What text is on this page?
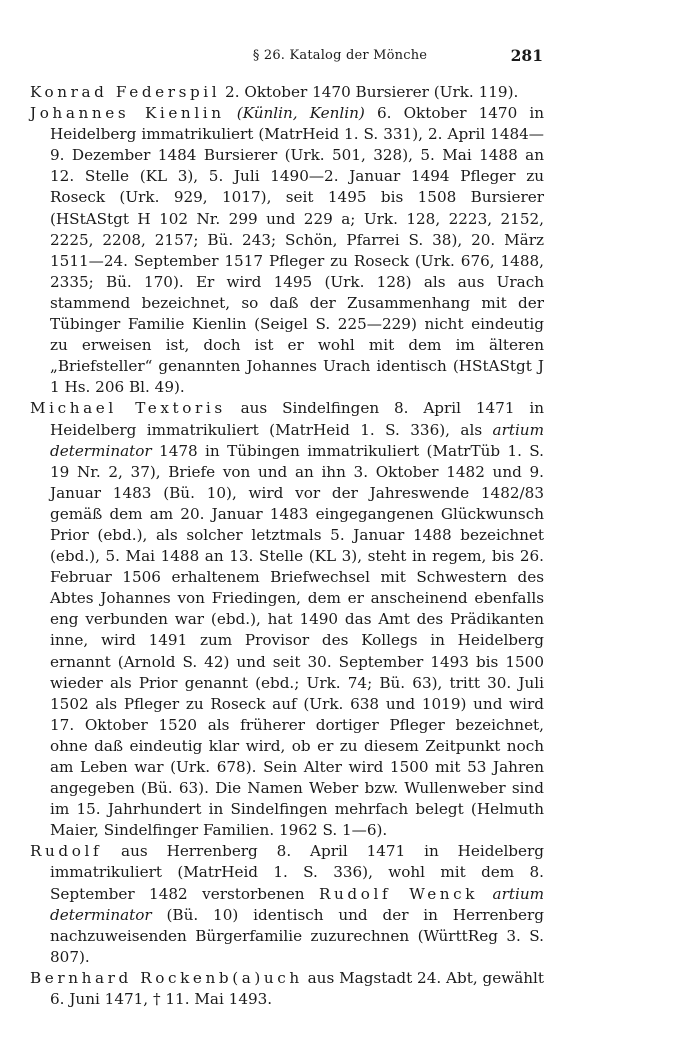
§ 26. Katalog der Mönche	281

Konrad Federspil 2. Oktober 1470 Bursierer (Urk. 119).

Johannes Kienlin (Künlin, Kenlin) 6. Oktober 1470 in Heidelberg immatrikuliert (MatrHeid 1. S. 331), 2. April 1484—9. Dezember 1484 Bursierer (Urk. 501, 328), 5. Mai 1488 an 12. Stelle (KL 3), 5. Juli 1490—2. Januar 1494 Pfleger zu Roseck (Urk. 929, 1017), seit 1495 bis 1508 Bursierer (HStAStgt H 102 Nr. 299 und 229 a; Urk. 128, 2223, 2152, 2225, 2208, 2157; Bü. 243; Schön, Pfarrei S. 38), 20. März 1511—24. September 1517 Pfleger zu Roseck (Urk. 676, 1488, 2335; Bü. 170). Er wird 1495 (Urk. 128) als aus Urach stammend bezeichnet, so daß der Zusammenhang mit der Tübinger Familie Kienlin (Seigel S. 225—229) nicht eindeutig zu erweisen ist, doch ist er wohl mit dem im älteren „Briefsteller“ genannten Johannes Urach identisch (HStAStgt J 1 Hs. 206 Bl. 49).

Michael Textoris aus Sindelfingen 8. April 1471 in Heidelberg immatrikuliert (MatrHeid 1. S. 336), als artium determinator 1478 in Tübingen immatrikuliert (MatrTüb 1. S. 19 Nr. 2, 37), Briefe von und an ihn 3. Oktober 1482 und 9. Januar 1483 (Bü. 10), wird vor der Jahreswende 1482/83 gemäß dem am 20. Januar 1483 eingegangenen Glückwunsch Prior (ebd.), als solcher letztmals 5. Januar 1488 bezeichnet (ebd.), 5. Mai 1488 an 13. Stelle (KL 3), steht in regem, bis 26. Februar 1506 erhaltenem Briefwechsel mit Schwestern des Abtes Johannes von Friedingen, dem er anscheinend ebenfalls eng verbunden war (ebd.), hat 1490 das Amt des Prädikanten inne, wird 1491 zum Provisor des Kollegs in Heidelberg ernannt (Arnold S. 42) und seit 30. September 1493 bis 1500 wieder als Prior genannt (ebd.; Urk. 74; Bü. 63), tritt 30. Juli 1502 als Pfleger zu Roseck auf (Urk. 638 und 1019) und wird 17. Oktober 1520 als früherer dortiger Pfleger bezeichnet, ohne daß eindeutig klar wird, ob er zu diesem Zeitpunkt noch am Leben war (Urk. 678). Sein Alter wird 1500 mit 53 Jahren angegeben (Bü. 63). Die Namen Weber bzw. Wullenweber sind im 15. Jahrhundert in Sindelfingen mehrfach belegt (Helmuth Maier, Sindelfinger Familien. 1962 S. 1—6).

Rudolf aus Herrenberg 8. April 1471 in Heidelberg immatrikuliert (MatrHeid 1. S. 336), wohl mit dem 8. September 1482 verstorbenen Rudolf Wenck artium determinator (Bü. 10) identisch und der in Herrenberg nachzuweisenden Bürgerfamilie zuzurechnen (WürttReg 3. S. 807).

Bernhard Rockenb(a)uch aus Magstadt 24. Abt, gewählt 6. Juni 1471, † 11. Mai 1493.
